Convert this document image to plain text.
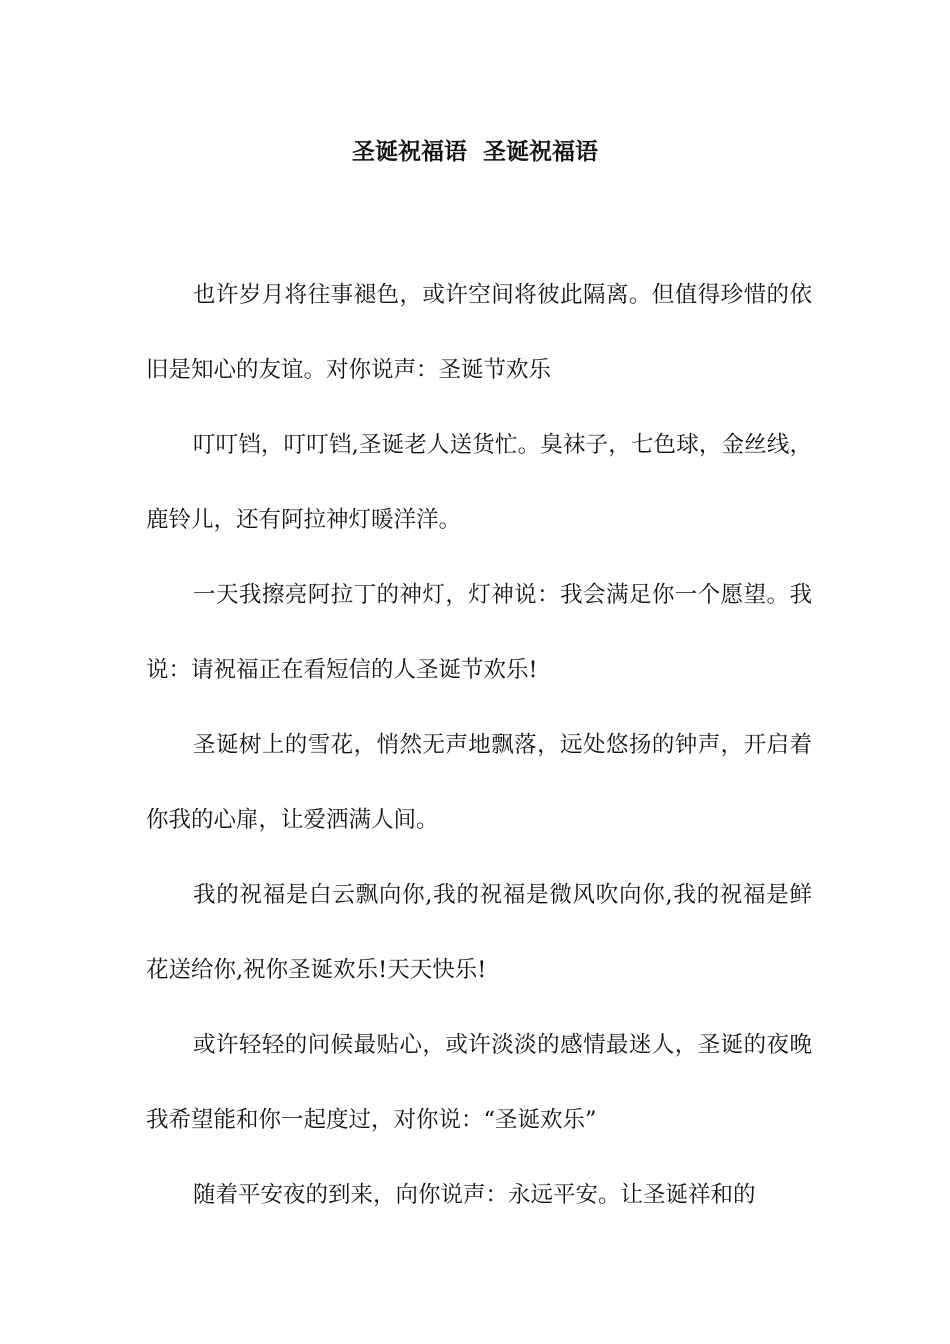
圣诞祝福语  圣诞祝福语

也许岁月将往事褪色，或许空间将彼此隔离。但值得珍惜的依旧是知心的友谊。对你说声：圣诞节欢乐

叮叮铛，叮叮铛,圣诞老人送货忙。臭袜子，七色球，金丝线，鹿铃儿，还有阿拉神灯暖洋洋。

一天我擦亮阿拉丁的神灯，灯神说：我会满足你一个愿望。我说：请祝福正在看短信的人圣诞节欢乐!

圣诞树上的雪花，悄然无声地飘落，远处悠扬的钟声，开启着你我的心扉，让爱洒满人间。

我的祝福是白云飘向你,我的祝福是微风吹向你,我的祝福是鲜花送给你,祝你圣诞欢乐!天天快乐!

或许轻轻的问候最贴心，或许淡淡的感情最迷人，圣诞的夜晚我希望能和你一起度过，对你说：“圣诞欢乐”

随着平安夜的到来，向你说声：永远平安。让圣诞祥和的
